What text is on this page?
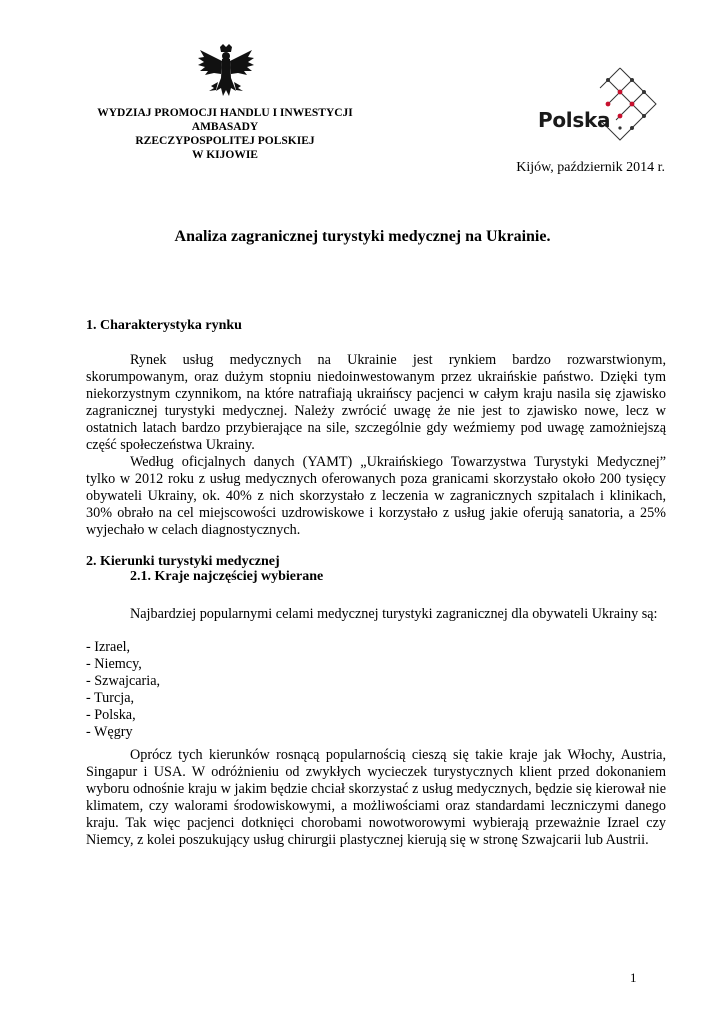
WYDZIAJ PROMOCJI HANDLU I INWESTYCJI
AMBASADY
RZECZYPOSPOLITEJ POLSKIEJ
W KIJOWIE
Polska
Kijów, październik 2014 r.
Analiza zagranicznej turystyki medycznej na Ukrainie.
1. Charakterystyka rynku
Rynek usług medycznych na Ukrainie jest rynkiem bardzo rozwarstwionym, skorumpowanym, oraz dużym stopniu niedoinwestowanym przez ukraińskie państwo. Dzięki tym niekorzystnym czynnikom, na które natrafiają ukraińscy pacjenci w całym kraju nasila się zjawisko zagranicznej turystyki medycznej. Należy zwrócić uwagę że nie jest to zjawisko nowe, lecz w ostatnich latach bardzo przybierające na sile, szczególnie gdy weźmiemy pod uwagę zamożniejszą część społeczeństwa Ukrainy.
Według oficjalnych danych (YAMT) „Ukraińskiego Towarzystwa Turystyki Medycznej” tylko w 2012 roku z usług medycznych oferowanych poza granicami skorzystało około 200 tysięcy obywateli Ukrainy, ok. 40% z nich skorzystało z leczenia w zagranicznych szpitalach i klinikach, 30% obrało na cel miejscowości uzdrowiskowe i korzystało z usług jakie oferują sanatoria, a 25% wyjechało w celach diagnostycznych.
2. Kierunki turystyki medycznej
2.1. Kraje najczęściej wybierane
Najbardziej popularnymi celami medycznej turystyki zagranicznej dla obywateli Ukrainy są:
- Izrael,
- Niemcy,
- Szwajcaria,
- Turcja,
- Polska,
- Węgry
Oprócz tych kierunków rosnącą popularnością cieszą się takie kraje jak Włochy, Austria, Singapur i USA. W odróżnieniu od zwykłych wycieczek turystycznych klient przed dokonaniem wyboru odnośnie kraju w jakim będzie chciał skorzystać z usług medycznych, będzie się kierował nie klimatem, czy walorami środowiskowymi, a możliwościami oraz standardami leczniczymi danego kraju. Tak więc pacjenci dotknięci chorobami nowotworowymi wybierają przeważnie Izrael czy Niemcy, z kolei poszukujący usług chirurgii plastycznej kierują się w stronę Szwajcarii lub Austrii.
1
